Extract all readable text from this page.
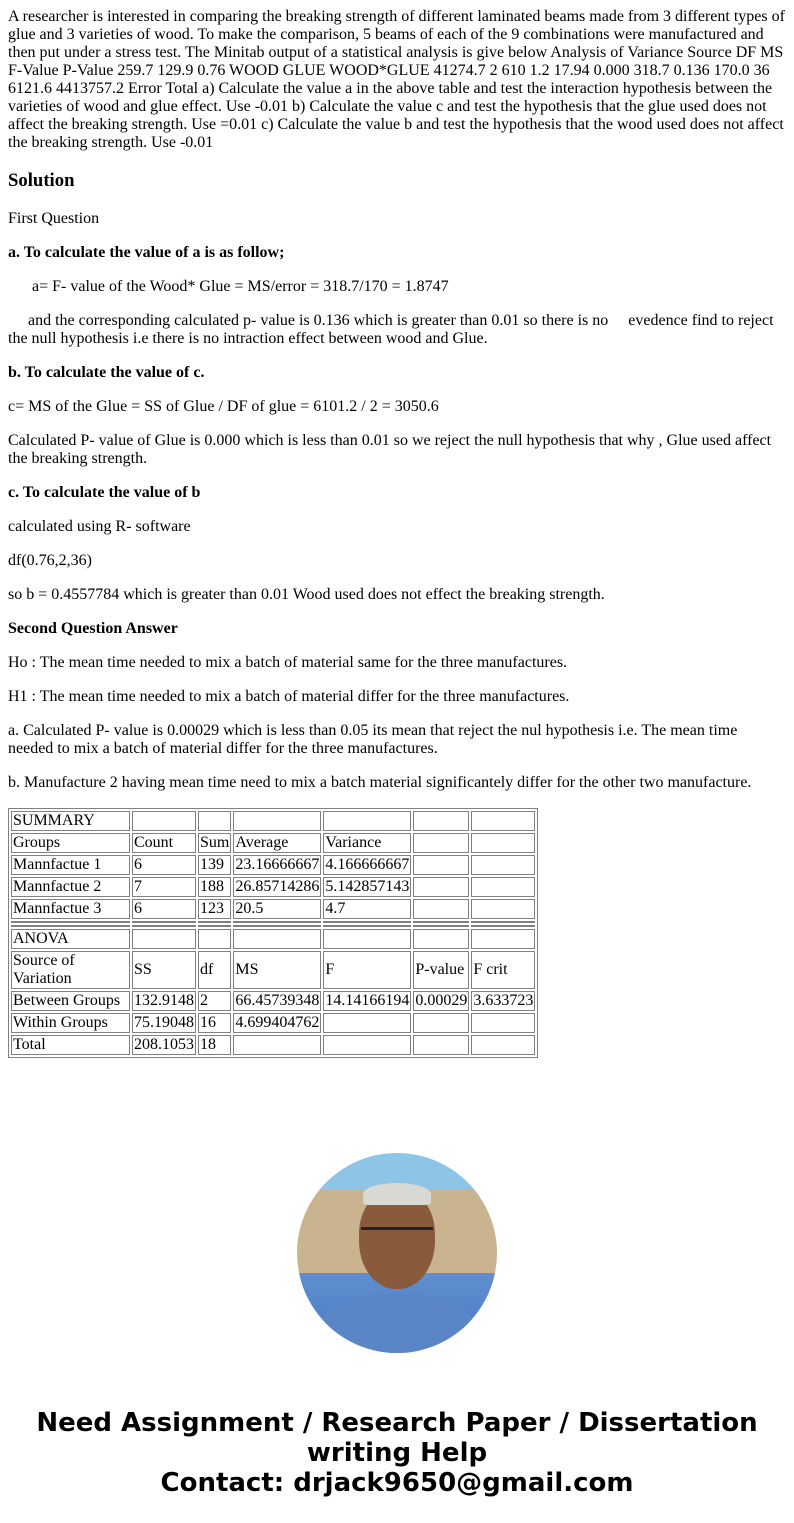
A researcher is interested in comparing the breaking strength of different laminated beams made from 3 different types of glue and 3 varieties of wood. To make the comparison, 5 beams of each of the 9 combinations were manufactured and then put under a stress test. The Minitab output of a statistical analysis is give below Analysis of Variance Source DF MS F-Value P-Value 259.7 129.9 0.76 WOOD GLUE WOOD*GLUE 41274.7 2 610 1.2 17.94 0.000 318.7 0.136 170.0 36 6121.6 4413757.2 Error Total a) Calculate the value a in the above table and test the interaction hypothesis between the varieties of wood and glue effect. Use -0.01 b) Calculate the value c and test the hypothesis that the glue used does not affect the breaking strength. Use =0.01 c) Calculate the value b and test the hypothesis that the wood used does not affect the breaking strength. Use -0.01

Solution

First Question

a. To calculate the value of a is as follow;

a= F- value of the Wood* Glue = MS/error = 318.7/170 = 1.8747

and the corresponding calculated p- value is 0.136 which is greater than 0.01 so there is no     evedence find to reject the null hypothesis i.e there is no intraction effect between wood and Glue.

b. To calculate the value of c.

c= MS of the Glue = SS of Glue / DF of glue = 6101.2 / 2 = 3050.6

Calculated P- value of Glue is 0.000 which is less than 0.01 so we reject the null hypothesis that why , Glue used affect the breaking strength.

c. To calculate the value of b

calculated using R- software

df(0.76,2,36)

so b = 0.4557784 which is greater than 0.01 Wood used does not effect the breaking strength.

Second Question Answer

Ho : The mean time needed to mix a batch of material same for the three manufactures.

H1 : The mean time needed to mix a batch of material differ for the three manufactures.

a. Calculated P- value is 0.00029 which is less than 0.05 its mean that reject the nul hypothesis i.e. The mean time needed to mix a batch of material differ for the three manufactures.

b. Manufacture 2 having mean time need to mix a batch material significantely differ for the other two manufacture.

SUMMARY						
Groups	Count	Sum	Average	Variance		
Mannfactue 1	6	139	23.16666667	4.166666667		
Mannfactue 2	7	188	26.85714286	5.142857143		
Mannfactue 3	6	123	20.5	4.7		

ANOVA						
Source of Variation	SS	df	MS	F	P-value	F crit
Between Groups	132.9148	2	66.45739348	14.14166194	0.00029	3.633723
Within Groups	75.19048	16	4.699404762			
Total	208.1053	18				
Need Assignment / Research Paper / Dissertation writing Help
Contact: drjack9650@gmail.com
